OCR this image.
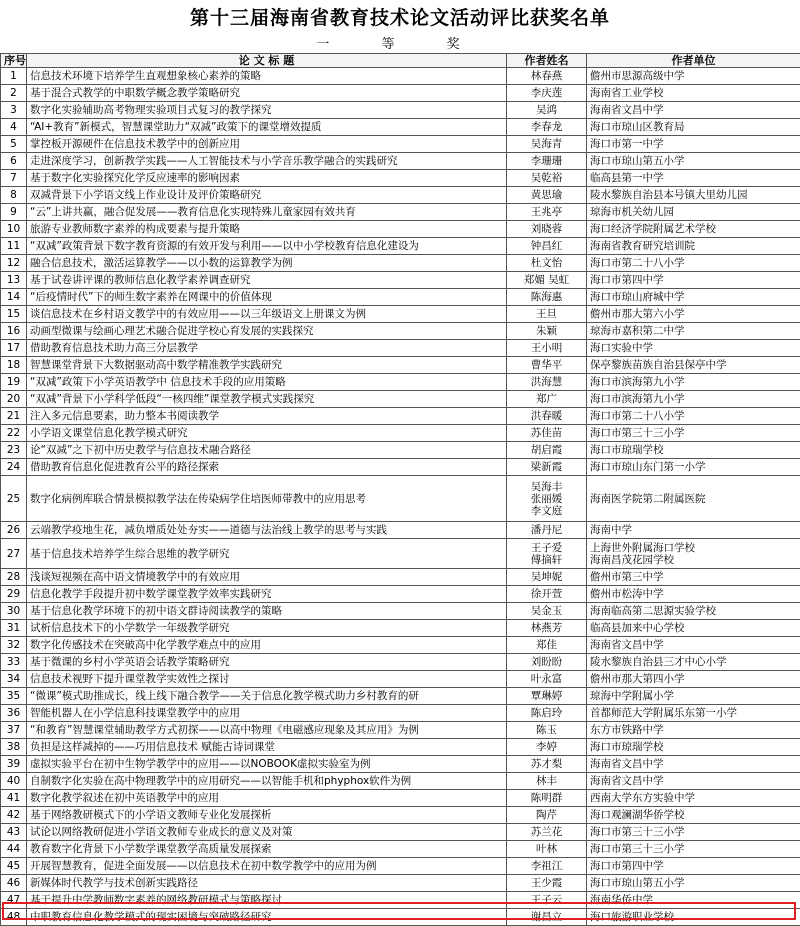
第十三届海南省教育技术论文活动评比获奖名单
一 等 奖
序号	论 文 标 题	作者姓名	作者单位
1	信息技术环境下培养学生直观想象核心素养的策略	林春燕	儋州市思源高级中学

2	基于混合式教学的中职数学概念教学策略研究	李庆莲	海南省工业学校

3	数字化实验辅助高考物理实验项目式复习的教学探究	吴鸿	海南省文昌中学

4	“AI+教育”新模式，智慧课堂助力“双减”政策下的课堂增效提质	李春龙	海口市琼山区教育局

5	掌控板开源硬件在信息技术教学中的创新应用	吴海青	海口市第一中学

6	走进深度学习，创新教学实践——人工智能技术与小学音乐教学融合的实践研究	李珊珊	海口市琼山第五小学

7	基于数字化实验探究化学反应速率的影响因素	吴乾裕	临高县第一中学

8	双减背景下小学语文线上作业设计及评价策略研究	黄思瑜	陵水黎族自治县本号镇大里幼儿园

9	“云”上讲共赢，融合促发展——教育信息化实现特殊儿童家园有效共育	王兆亭	琼海市机关幼儿园

10	旅游专业教师数字素养的构成要素与提升策略	刘晓蓉	海口经济学院附属艺术学校

11	“双减”政策背景下数字教育资源的有效开发与利用——以中小学校教育信息化建设为	钟昌红	海南省教育研究培训院

12	融合信息技术，激活运算教学——以小数的运算教学为例	杜文怡	海口市第二十八小学

13	基于试卷讲评课的教师信息化教学素养调查研究	郑媚 吴虹	海口市第四中学

14	“后疫情时代”下的师生数字素养在网课中的价值体现	陈海惠	海口市琼山府城中学

15	谈信息技术在乡村语文教学中的有效应用——以三年级语文上册课文为例	王旦	儋州市那大第六小学

16	动画型微课与绘画心理艺术融合促进学校心育发展的实践探究	朱颖	琼海市嘉积第二中学

17	借助教育信息技术助力高三分层教学	王小明	海口实验中学

18	智慧课堂背景下大数据驱动高中数学精准教学实践研究	曹华平	保亭黎族苗族自治县保亭中学

19	“双减”政策下小学英语教学中 信息技术手段的应用策略	洪海慧	海口市滨海第九小学

20	“双减”背景下小学科学低段“一核四维”课堂教学模式实践探究	郑广	海口市滨海第九小学

21	注入多元信息要素，助力整本书阅读教学	洪春暖	海口市第二十八小学

22	小学语文课堂信息化教学模式研究	苏佳苗	海口市第三十三小学

23	论“双减”之下初中历史教学与信息技术融合路径	胡启霞	海口市琼瑞学校

24	借助教育信息化促进教育公平的路径探索	梁新霞	海口市琼山东门第一小学

25	数字化病例库联合情景模拟教学法在传染病学住培医师带教中的应用思考	吴海丰
张丽媛
李文庭	海南医学院第二附属医院

26	云端教学疫地生花，减负增质处处夯实——道德与法治线上教学的思考与实践	潘丹尼	海南中学

27	基于信息技术培养学生综合思维的教学研究	王子爱
傅摘轩	上海世外附属海口学校
海南昌茂花园学校

28	浅谈短视频在高中语文情境教学中的有效应用	吴坤妮	儋州市第三中学

29	信息化教学手段提升初中数学课堂教学效率实践研究	徐开萱	儋州市松涛中学

30	基于信息化教学环境下的初中语文群诗阅读教学的策略	吴金玉	海南临高第二思源实验学校

31	试析信息技术下的小学数学一年级教学研究	林燕芳	临高县加来中心学校

32	数字化传感技术在突破高中化学教学难点中的应用	郑佳	海南省文昌中学

33	基于微课的乡村小学英语会话教学策略研究	刘盼盼	陵水黎族自治县三才中心小学

34	信息技术视野下提升课堂教学实效性之探讨	叶永富	儋州市那大第四小学

35	“微课”模式助推成长，线上线下融合教学——关于信息化教学模式助力乡村教育的研	覃琳婷	琼海中学附属小学

36	智能机器人在小学信息科技课堂教学中的应用	陈启玲	首都师范大学附属乐东第一小学

37	“和教育”智慧课堂辅助教学方式初探——以高中物理《电磁感应现象及其应用》为例	陈玉	东方市铁路中学

38	负担是这样减掉的——巧用信息技术 赋能古诗词课堂	李婷	海口市琼瑞学校

39	虚拟实验平台在初中生物学教学中的应用——以NOBOOK虚拟实验室为例	苏才梨	海南省文昌中学

40	自制数字化实验在高中物理教学中的应用研究——以智能手机和phyphox软件为例	林丰	海南省文昌中学

41	数字化教学叙述在初中英语教学中的应用	陈明群	西南大学东方实验中学

42	基于网络教研模式下的小学语文教师专业化发展探析	陶芹	海口观澜湖华侨学校

43	试论以网络教研促进小学语文教师专业成长的意义及对策	苏兰花	海口市第三十三小学

44	教育数字化背景下小学数学课堂教学高质量发展探索	叶林	海口市第三十三小学

45	开展智慧教育，促进全面发展——以信息技术在初中数学教学中的应用为例	李祖江	海口市第四中学

46	新媒体时代教学与技术创新实践路径	王少霞	海口市琼山第五小学

47	基于提升中学教师数字素养的网络教研模式与策略探讨	王子云	海南华侨中学

48	中职教育信息化教学模式的现实困境与突破路径研究	谢昌立	海口旅游职业学校
